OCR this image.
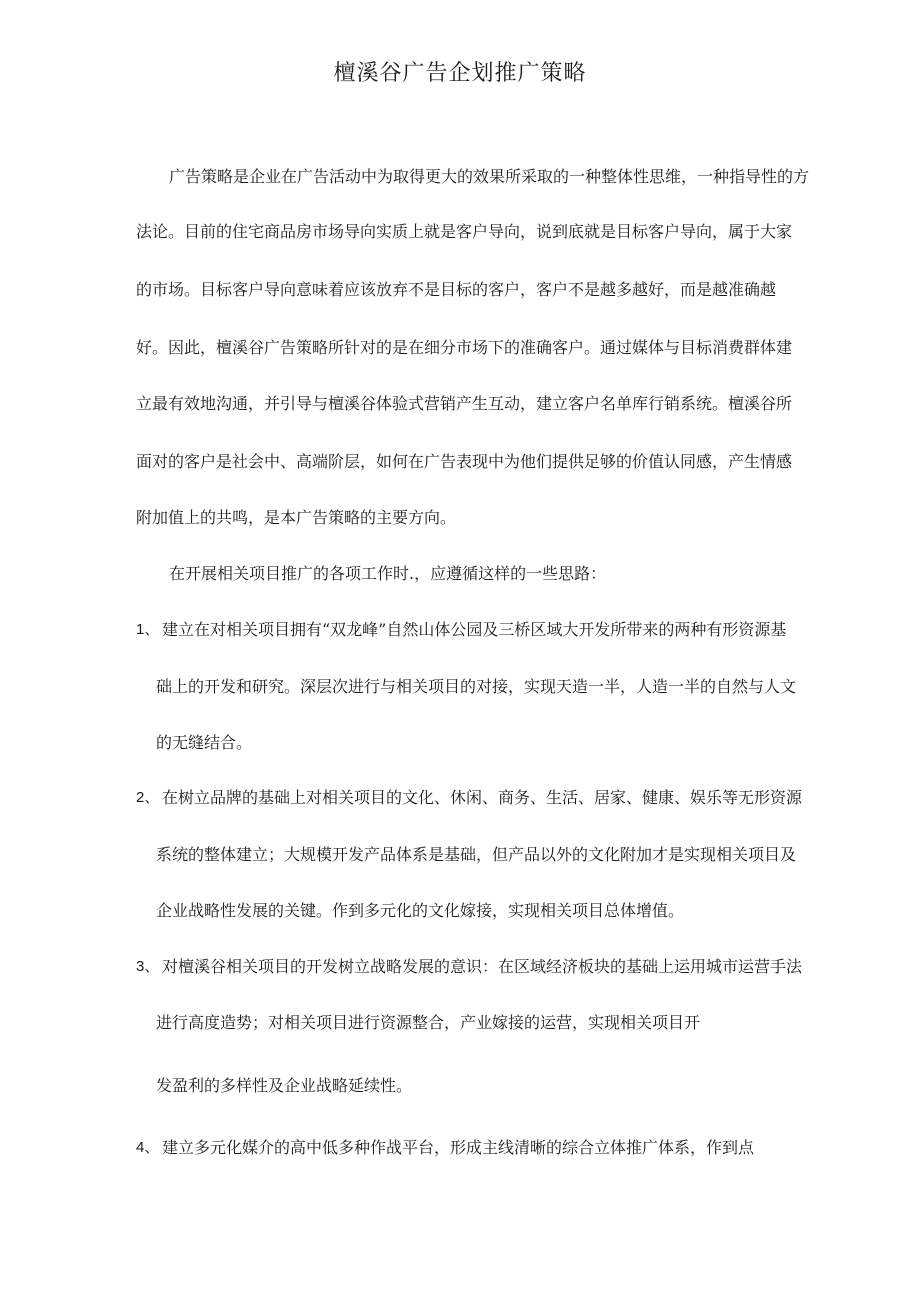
檀溪谷广告企划推广策略

广告策略是企业在广告活动中为取得更大的效果所采取的一种整体性思维，一种指导性的方

法论。目前的住宅商品房市场导向实质上就是客户导向，说到底就是目标客户导向，属于大家

的市场。目标客户导向意味着应该放弃不是目标的客户，客户不是越多越好，而是越准确越

好。因此，檀溪谷广告策略所针对的是在细分市场下的准确客户。通过媒体与目标消费群体建

立最有效地沟通，并引导与檀溪谷体验式营销产生互动，建立客户名单库行销系统。檀溪谷所

面对的客户是社会中、高端阶层，如何在广告表现中为他们提供足够的价值认同感，产生情感

附加值上的共鸣，是本广告策略的主要方向。

在开展相关项目推广的各项工作时.，应遵循这样的一些思路：

1、 建立在对相关项目拥有“双龙峰”自然山体公园及三桥区域大开发所带来的两种有形资源基

础上的开发和研究。深层次进行与相关项目的对接，实现天造一半，人造一半的自然与人文

的无缝结合。

2、 在树立品牌的基础上对相关项目的文化、休闲、商务、生活、居家、健康、娱乐等无形资源

系统的整体建立；大规模开发产品体系是基础，但产品以外的文化附加才是实现相关项目及

企业战略性发展的关键。作到多元化的文化嫁接，实现相关项目总体增值。

3、 对檀溪谷相关项目的开发树立战略发展的意识：在区域经济板块的基础上运用城市运营手法

进行高度造势；对相关项目进行资源整合，产业嫁接的运营，实现相关项目开

发盈利的多样性及企业战略延续性。

4、 建立多元化媒介的高中低多种作战平台，形成主线清晰的综合立体推广体系，作到点
